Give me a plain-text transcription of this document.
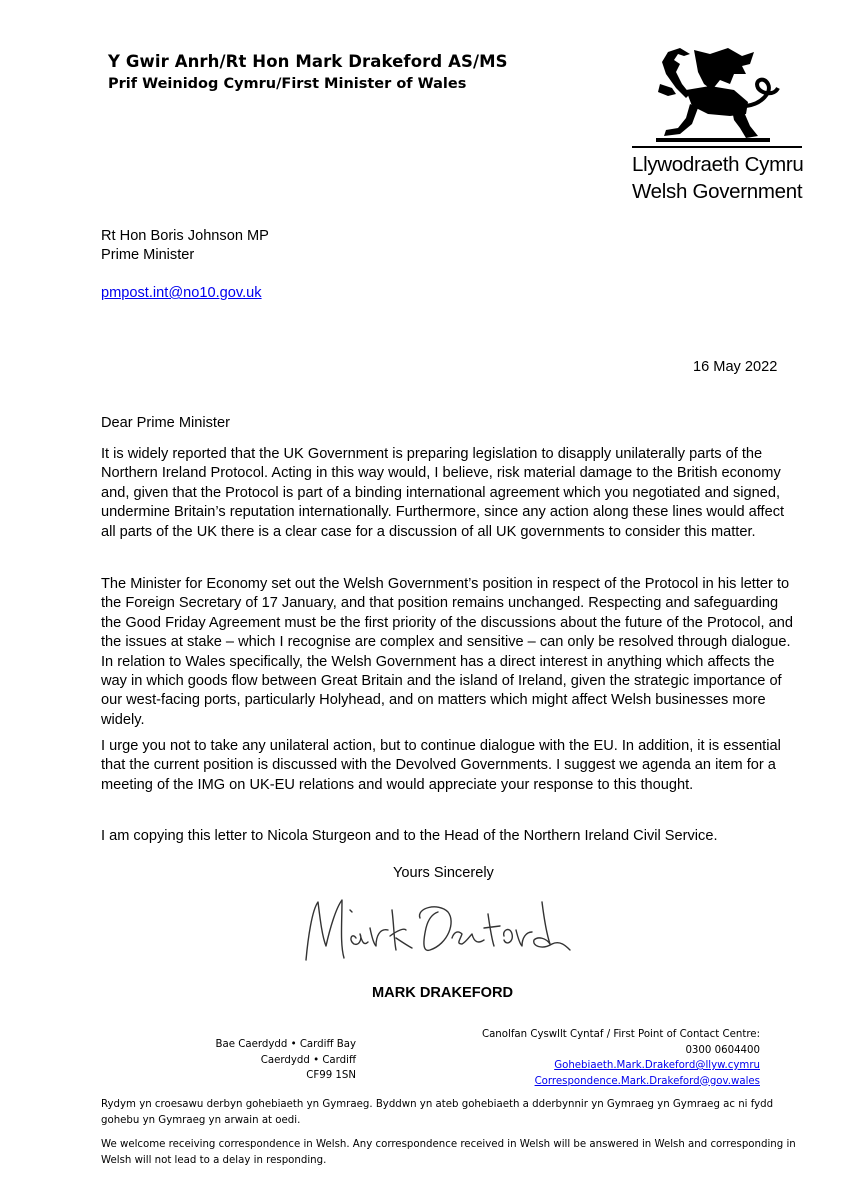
Y Gwir Anrh/Rt Hon Mark Drakeford AS/MS
Prif Weinidog Cymru/First Minister of Wales
Llywodraeth Cymru
Welsh Government
Rt Hon Boris Johnson MP
Prime Minister
pmpost.int@no10.gov.uk
16 May 2022
Dear Prime Minister

It is widely reported that the UK Government is preparing legislation to disapply unilaterally parts of the Northern Ireland Protocol. Acting in this way would, I believe, risk material damage to the British economy and, given that the Protocol is part of a binding international agreement which you negotiated and signed, undermine Britain’s reputation internationally. Furthermore, since any action along these lines would affect all parts of the UK there is a clear case for a discussion of all UK governments to consider this matter.

The Minister for Economy set out the Welsh Government’s position in respect of the Protocol in his letter to the Foreign Secretary of 17 January, and that position remains unchanged. Respecting and safeguarding the Good Friday Agreement must be the first priority of the discussions about the future of the Protocol, and the issues at stake – which I recognise are complex and sensitive – can only be resolved through dialogue. In relation to Wales specifically, the Welsh Government has a direct interest in anything which affects the way in which goods flow between Great Britain and the island of Ireland, given the strategic importance of our west-facing ports, particularly Holyhead, and on matters which might affect Welsh businesses more widely.

I urge you not to take any unilateral action, but to continue dialogue with the EU. In addition, it is essential that the current position is discussed with the Devolved Governments. I suggest we agenda an item for a meeting of the IMG on UK-EU relations and would appreciate your response to this thought.

I am copying this letter to Nicola Sturgeon and to the Head of the Northern Ireland Civil Service.

Yours Sincerely
MARK DRAKEFORD
Bae Caerdydd • Cardiff Bay
Caerdydd • Cardiff
CF99 1SN
Canolfan Cyswllt Cyntaf / First Point of Contact Centre:
0300 0604400
Gohebiaeth.Mark.Drakeford@llyw.cymru
Correspondence.Mark.Drakeford@gov.wales
Rydym yn croesawu derbyn gohebiaeth yn Gymraeg. Byddwn yn ateb gohebiaeth a dderbynnir yn Gymraeg yn Gymraeg ac ni fydd gohebu yn Gymraeg yn arwain at oedi.
We welcome receiving correspondence in Welsh. Any correspondence received in Welsh will be answered in Welsh and corresponding in Welsh will not lead to a delay in responding.
